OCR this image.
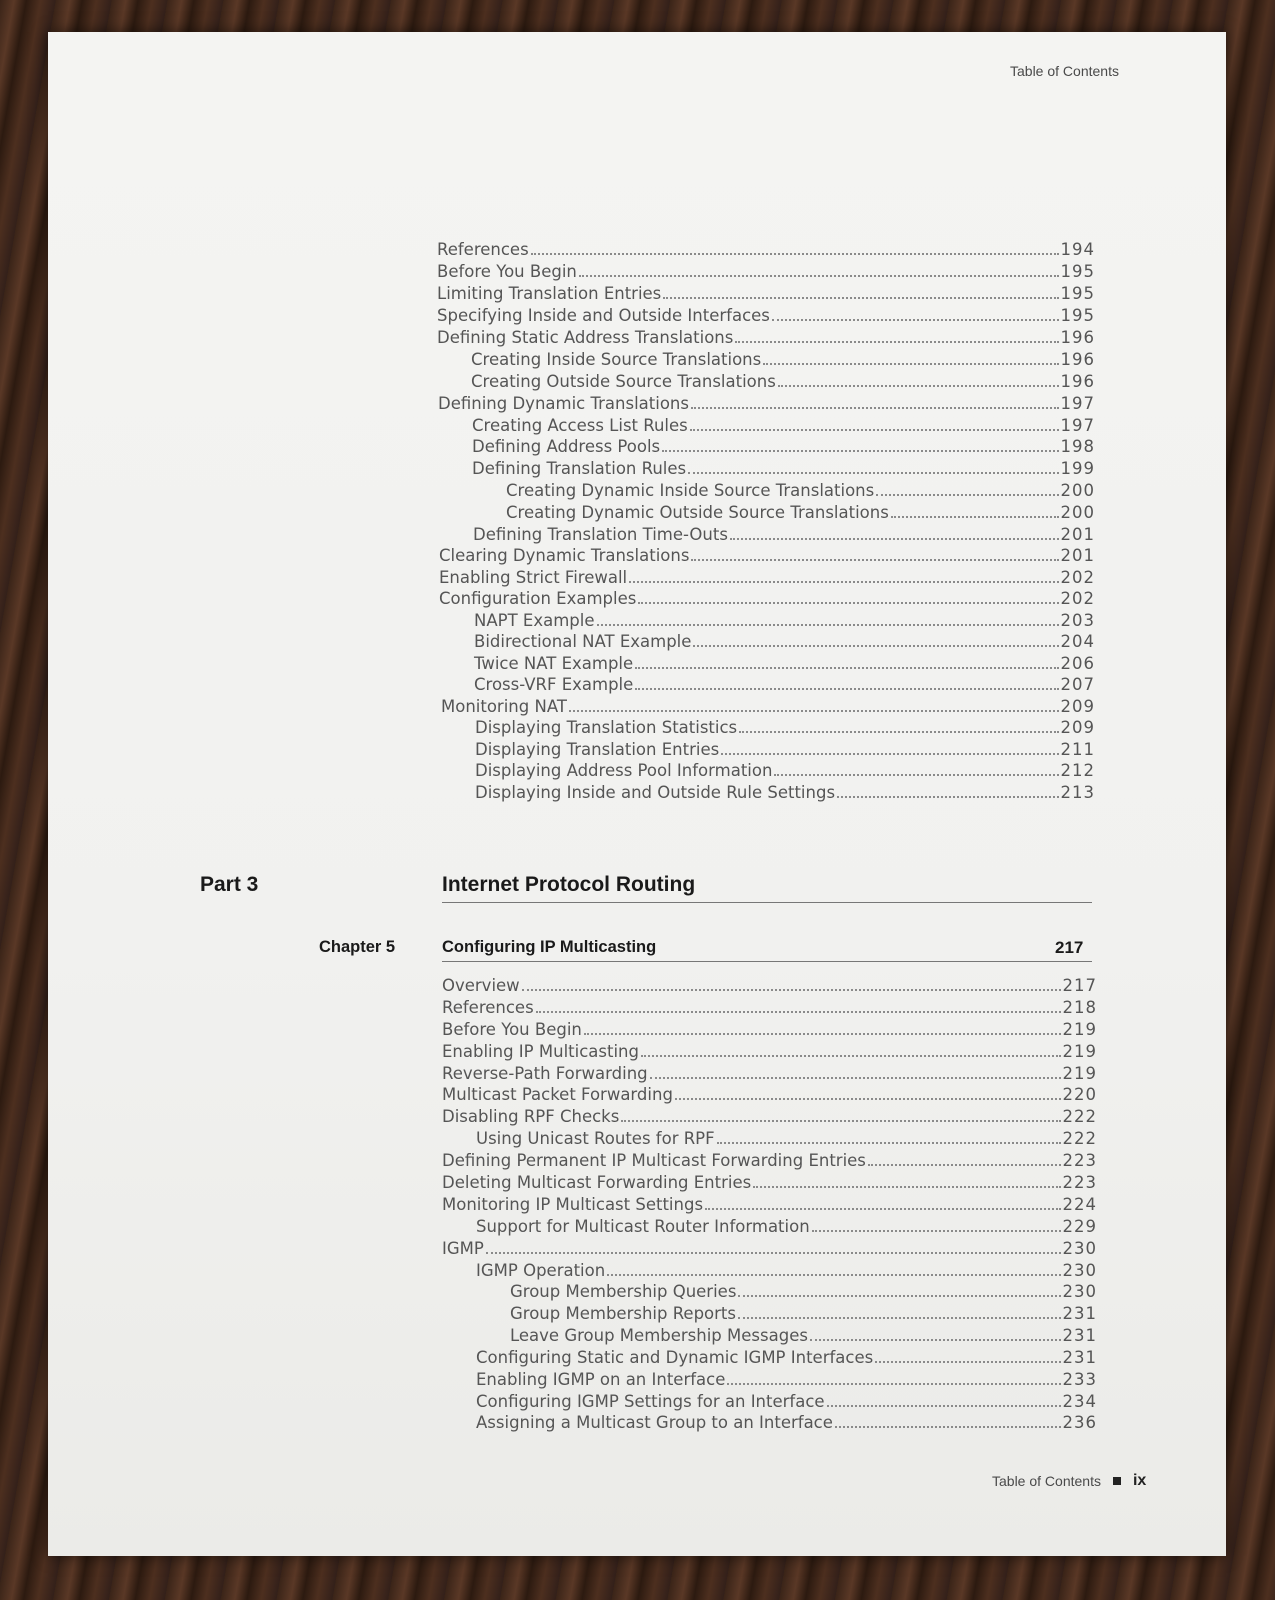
Table of Contents
References	194
Before You Begin	195
Limiting Translation Entries	195
Specifying Inside and Outside Interfaces	195
Defining Static Address Translations	196
Creating Inside Source Translations	196
Creating Outside Source Translations	196
Defining Dynamic Translations	197
Creating Access List Rules	197
Defining Address Pools	198
Defining Translation Rules	199
Creating Dynamic Inside Source Translations	200
Creating Dynamic Outside Source Translations	200
Defining Translation Time-Outs	201
Clearing Dynamic Translations	201
Enabling Strict Firewall	202
Configuration Examples	202
NAPT Example	203
Bidirectional NAT Example	204
Twice NAT Example	206
Cross-VRF Example	207
Monitoring NAT	209
Displaying Translation Statistics	209
Displaying Translation Entries	211
Displaying Address Pool Information	212
Displaying Inside and Outside Rule Settings	213
Part 3	Internet Protocol Routing
Chapter 5	Configuring IP Multicasting	217
Overview	217
References	218
Before You Begin	219
Enabling IP Multicasting	219
Reverse-Path Forwarding	219
Multicast Packet Forwarding	220
Disabling RPF Checks	222
Using Unicast Routes for RPF	222
Defining Permanent IP Multicast Forwarding Entries	223
Deleting Multicast Forwarding Entries	223
Monitoring IP Multicast Settings	224
Support for Multicast Router Information	229
IGMP	230
IGMP Operation	230
Group Membership Queries	230
Group Membership Reports	231
Leave Group Membership Messages	231
Configuring Static and Dynamic IGMP Interfaces	231
Enabling IGMP on an Interface	233
Configuring IGMP Settings for an Interface	234
Assigning a Multicast Group to an Interface	236
Table of Contents ix
